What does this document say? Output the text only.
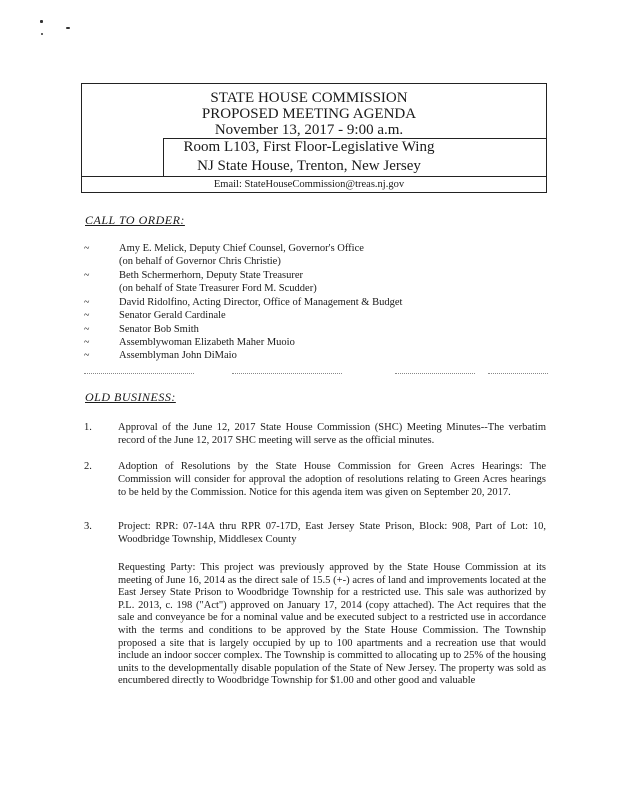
STATE HOUSE COMMISSION
PROPOSED MEETING AGENDA
November 13, 2017 - 9:00 a.m.
Room L103, First Floor-Legislative Wing
NJ State House, Trenton, New Jersey
Email: StateHouseCommission@treas.nj.gov
CALL TO ORDER:
~	Amy E. Melick, Deputy Chief Counsel, Governor's Office
(on behalf of Governor Chris Christie)
~	Beth Schermerhorn, Deputy State Treasurer
(on behalf of State Treasurer Ford M. Scudder)
~	David Ridolfino, Acting Director, Office of Management & Budget
~	Senator Gerald Cardinale
~	Senator Bob Smith
~	Assemblywoman Elizabeth Maher Muoio
~	Assemblyman John DiMaio
OLD BUSINESS:
1. Approval of the June 12, 2017 State House Commission (SHC) Meeting Minutes--The verbatim record of the June 12, 2017 SHC meeting will serve as the official minutes.
2. Adoption of Resolutions by the State House Commission for Green Acres Hearings: The Commission will consider for approval the adoption of resolutions relating to Green Acres hearings to be held by the Commission. Notice for this agenda item was given on September 20, 2017.
3. Project: RPR: 07-14A thru RPR 07-17D, East Jersey State Prison, Block: 908, Part of Lot: 10, Woodbridge Township, Middlesex County
Requesting Party: This project was previously approved by the State House Commission at its meeting of June 16, 2014 as the direct sale of 15.5 (+-) acres of land and improvements located at the East Jersey State Prison to Woodbridge Township for a restricted use. This sale was authorized by P.L. 2013, c. 198 ("Act") approved on January 17, 2014 (copy attached). The Act requires that the sale and conveyance be for a nominal value and be executed subject to a restricted use in accordance with the terms and conditions to be approved by the State House Commission. The Township proposed a site that is largely occupied by up to 100 apartments and a recreation use that would include an indoor soccer complex. The Township is committed to allocating up to 25% of the housing units to the developmentally disable population of the State of New Jersey. The property was sold as encumbered directly to Woodbridge Township for $1.00 and other good and valuable
